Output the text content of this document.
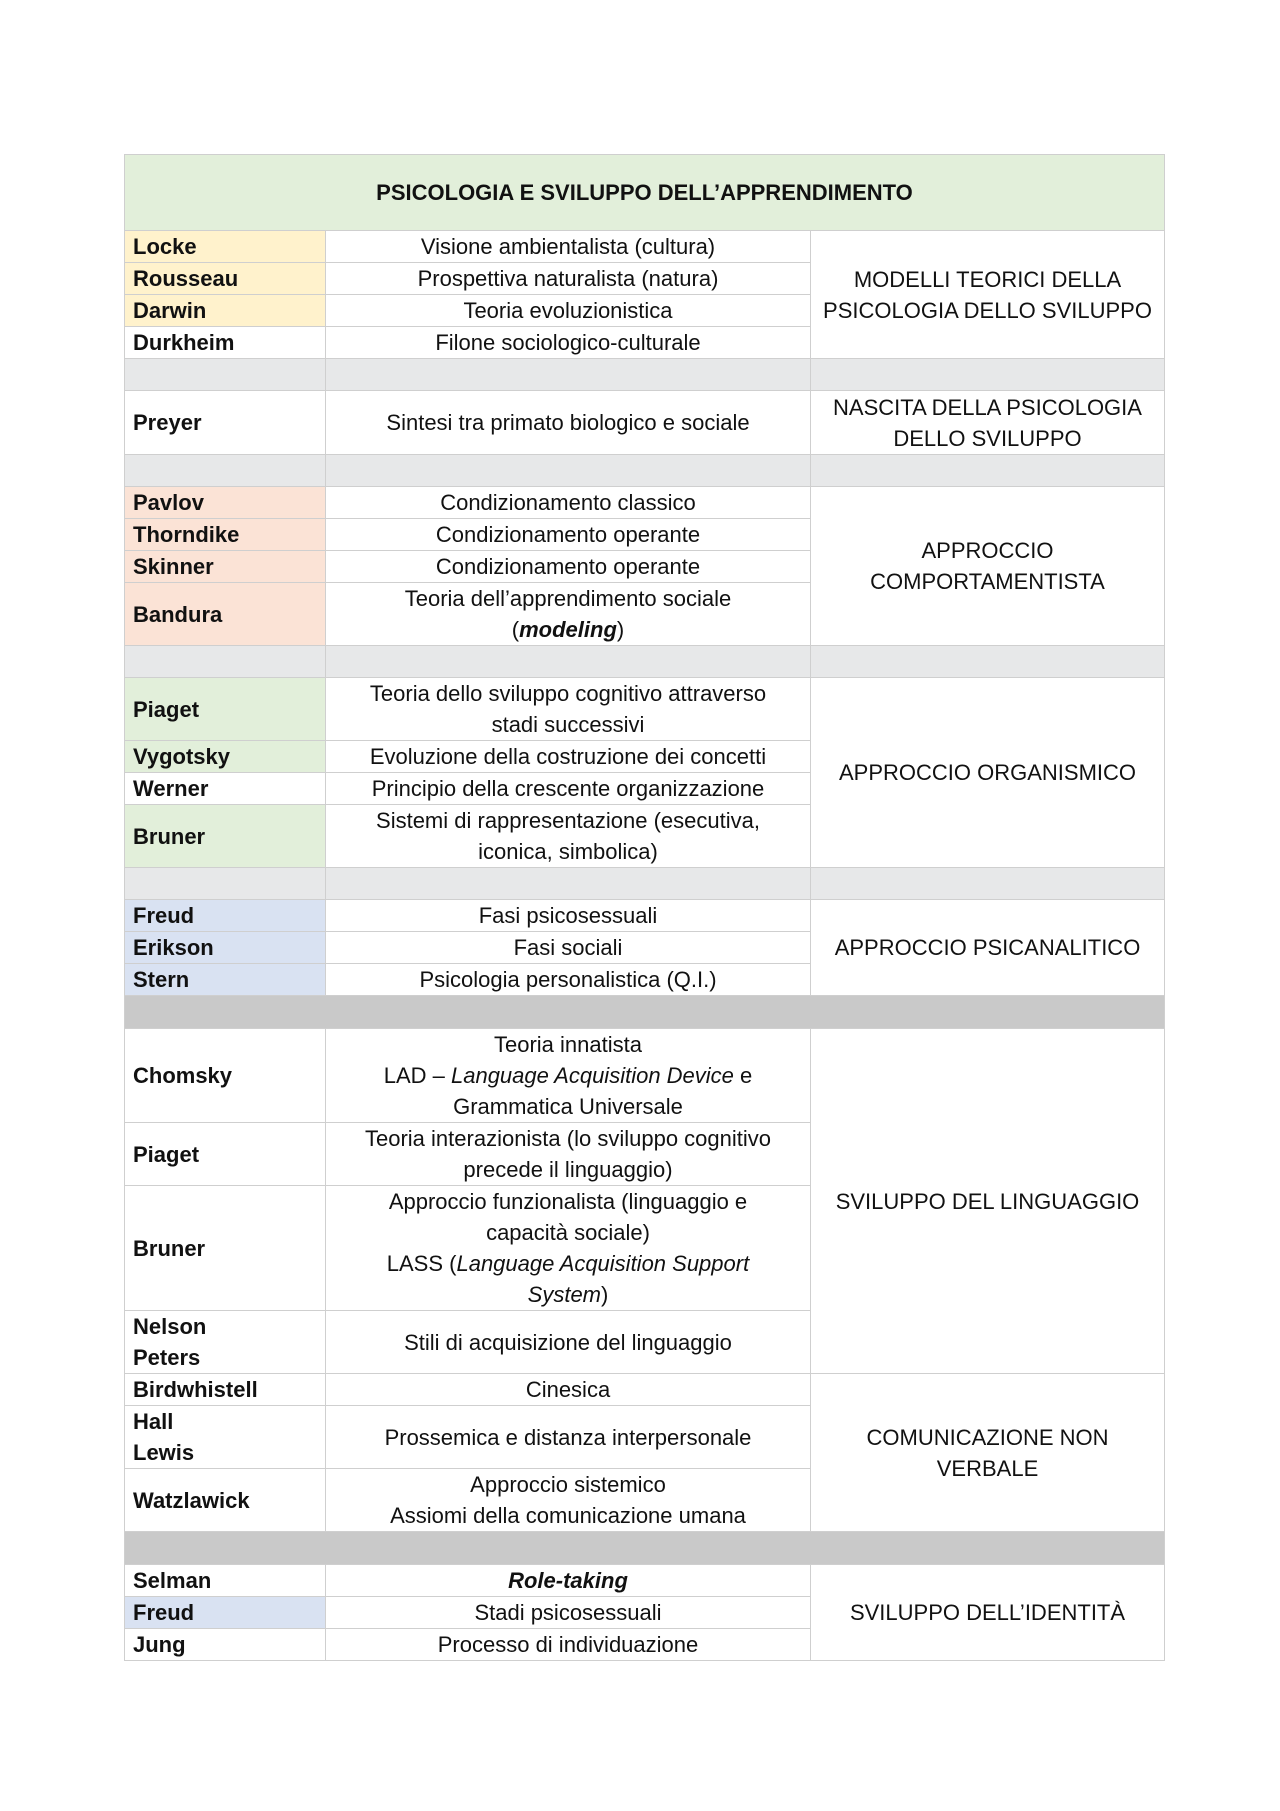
PSICOLOGIA E SVILUPPO DELL’APPRENDIMENTO		
Locke	Visione ambientalista (cultura)	MODELLI TEORICI DELLA
PSICOLOGIA DELLO SVILUPPO
Rousseau	Prospettiva naturalista (natura)	
Darwin	Teoria evoluzionistica	
Durkheim	Filone sociologico-culturale	

Preyer	Sintesi tra primato biologico e sociale	NASCITA DELLA PSICOLOGIA
DELLO SVILUPPO

Pavlov	Condizionamento classico	APPROCCIO
COMPORTAMENTISTA
Thorndike	Condizionamento operante	
Skinner	Condizionamento operante	
Bandura	Teoria dell’apprendimento sociale
(modeling)	

Piaget	Teoria dello sviluppo cognitivo attraverso
stadi successivi	APPROCCIO ORGANISMICO
Vygotsky	Evoluzione della costruzione dei concetti	
Werner	Principio della crescente organizzazione	
Bruner	Sistemi di rappresentazione (esecutiva,
iconica, simbolica)	

Freud	Fasi psicosessuali	APPROCCIO PSICANALITICO
Erikson	Fasi sociali	
Stern	Psicologia personalistica (Q.I.)	

Chomsky	Teoria innatista
LAD – Language Acquisition Device e
Grammatica Universale	SVILUPPO DEL LINGUAGGIO
Piaget	Teoria interazionista (lo sviluppo cognitivo
precede il linguaggio)	
Bruner	Approccio funzionalista (linguaggio e
capacità sociale)
LASS (Language Acquisition Support
System)	
Nelson
Peters	Stili di acquisizione del linguaggio	
Birdwhistell	Cinesica	COMUNICAZIONE NON
VERBALE
Hall
Lewis	Prossemica e distanza interpersonale	
Watzlawick	Approccio sistemico
Assiomi della comunicazione umana	

Selman	Role-taking	SVILUPPO DELL’IDENTITÀ
Freud	Stadi psicosessuali	
Jung	Processo di individuazione	
